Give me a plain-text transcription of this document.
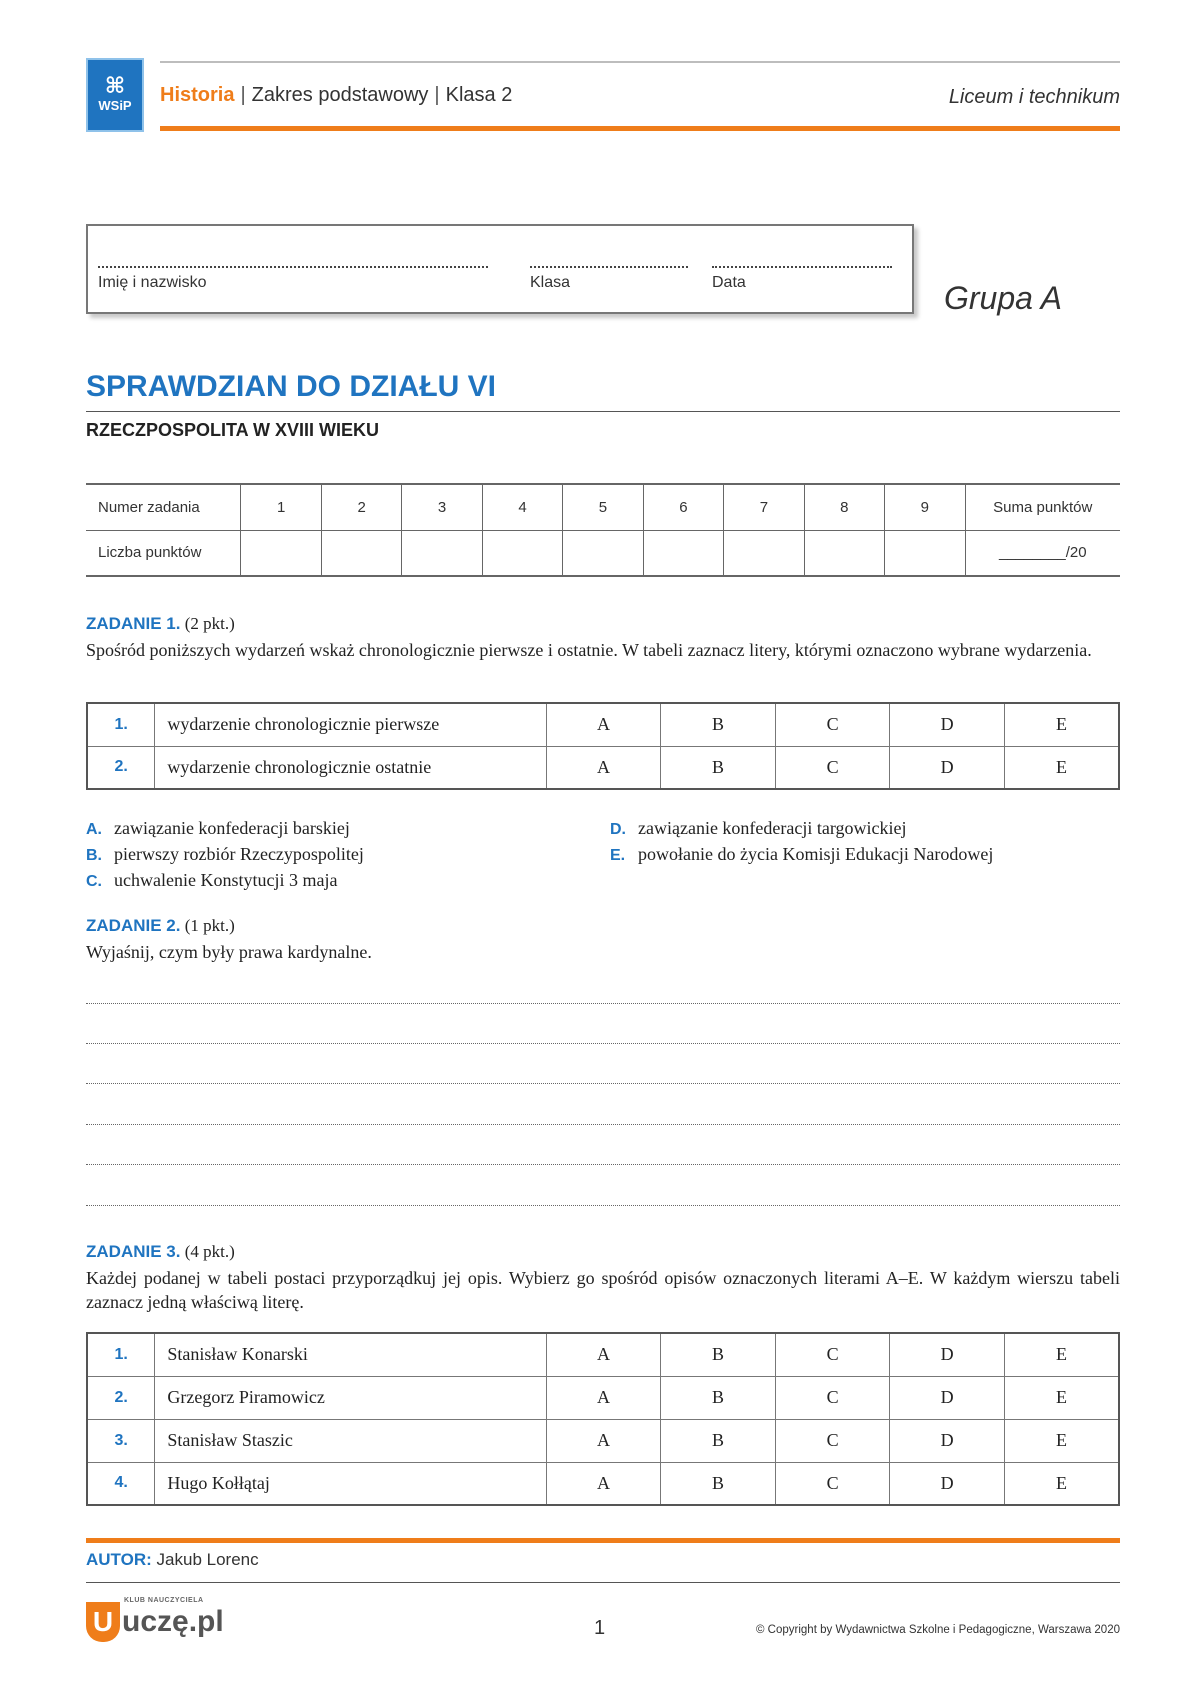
⌘
WSiP Historia | Zakres podstawowy | Klasa 2	Liceum i technikum
Imię i nazwisko	Klasa	Data	Grupa A
SPRAWDZIAN DO DZIAŁU VI
RZECZPOSPOLITA W XVIII WIEKU
Numer zadania	1	2	3	4	5	6	7	8	9	Suma punktów
Liczba punktów										________/20
ZADANIE 1. (2 pkt.)
Spośród poniższych wydarzeń wskaż chronologicznie pierwsze i ostatnie. W tabeli zaznacz litery, którymi oznaczono wybrane wydarzenia.
1.	wydarzenie chronologicznie pierwsze	A	B	C	D	E
2.	wydarzenie chronologicznie ostatnie	A	B	C	D	E
A. zawiązanie konfederacji barskiej
B. pierwszy rozbiór Rzeczypospolitej
C. uchwalenie Konstytucji 3 maja
D. zawiązanie konfederacji targowickiej
E. powołanie do życia Komisji Edukacji Narodowej
ZADANIE 2. (1 pkt.)
Wyjaśnij, czym były prawa kardynalne.
ZADANIE 3. (4 pkt.)
Każdej podanej w tabeli postaci przyporządkuj jej opis. Wybierz go spośród opisów oznaczonych literami A–E. W każdym wierszu tabeli zaznacz jedną właściwą literę.
1.	Stanisław Konarski	A	B	C	D	E
2.	Grzegorz Piramowicz	A	B	C	D	E
3.	Stanisław Staszic	A	B	C	D	E
4.	Hugo Kołłątaj	A	B	C	D	E
AUTOR: Jakub Lorenc
U
KLUB NAUCZYCIELA
uczę.pl	1	© Copyright by Wydawnictwa Szkolne i Pedagogiczne, Warszawa 2020
